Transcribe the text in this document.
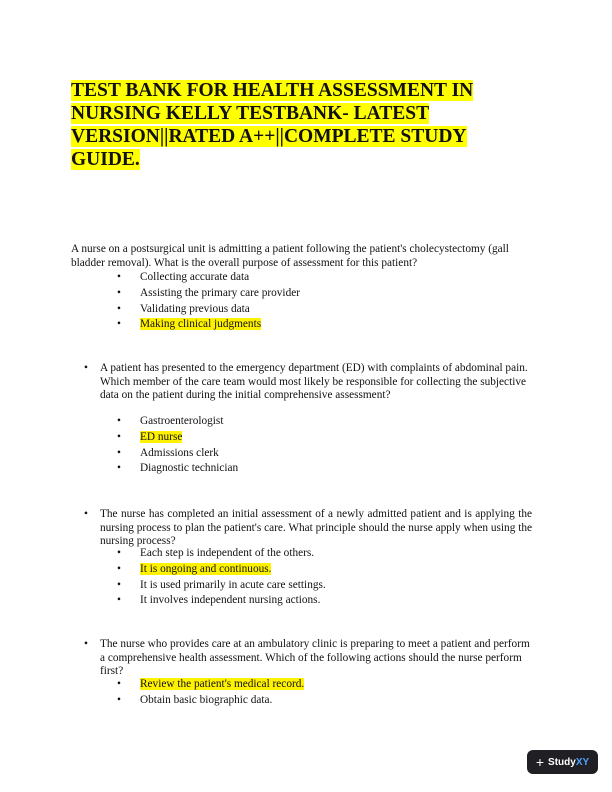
TEST BANK FOR HEALTH ASSESSMENT IN NURSING KELLY TESTBANK- LATEST VERSION||RATED A++||COMPLETE STUDY GUIDE.

A nurse on a postsurgical unit is admitting a patient following the patient's cholecystectomy (gall bladder removal). What is the overall purpose of assessment for this patient?

• Collecting accurate data
• Assisting the primary care provider
• Validating previous data
• Making clinical judgments

• A patient has presented to the emergency department (ED) with complaints of abdominal pain. Which member of the care team would most likely be responsible for collecting the subjective data on the patient during the initial comprehensive assessment?

• Gastroenterologist
• ED nurse
• Admissions clerk
• Diagnostic technician

• The nurse has completed an initial assessment of a newly admitted patient and is applying the nursing process to plan the patient's care. What principle should the nurse apply when using the nursing process?

• Each step is independent of the others.
• It is ongoing and continuous.
• It is used primarily in acute care settings.
• It involves independent nursing actions.

• The nurse who provides care at an ambulatory clinic is preparing to meet a patient and perform a comprehensive health assessment. Which of the following actions should the nurse perform first?

• Review the patient's medical record.
• Obtain basic biographic data.
+ StudyXY
